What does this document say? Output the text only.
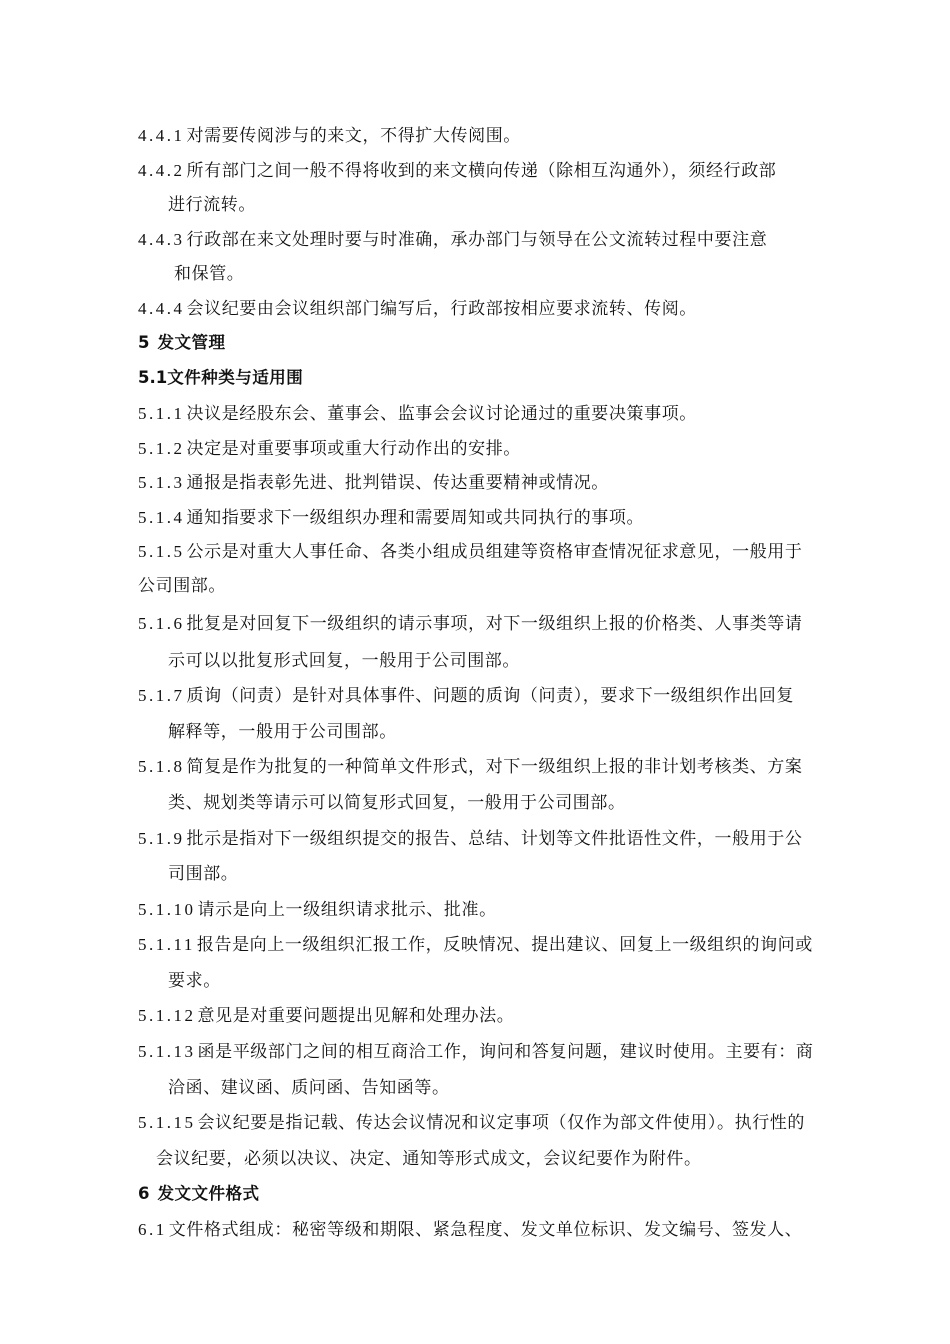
4.4.1 对需要传阅涉与的来文，不得扩大传阅围。
4.4.2 所有部门之间一般不得将收到的来文横向传递（除相互沟通外），须经行政部
进行流转。
4.4.3 行政部在来文处理时要与时准确，承办部门与领导在公文流转过程中要注意
和保管。
4.4.4 会议纪要由会议组织部门编写后，行政部按相应要求流转、传阅。
5 发文管理
5.1文件种类与适用围
5.1.1 决议是经股东会、董事会、监事会会议讨论通过的重要决策事项。
5.1.2 决定是对重要事项或重大行动作出的安排。
5.1.3 通报是指表彰先进、批判错误、传达重要精神或情况。
5.1.4 通知指要求下一级组织办理和需要周知或共同执行的事项。
5.1.5 公示是对重大人事任命、各类小组成员组建等资格审查情况征求意见，一般用于
公司围部。
5.1.6 批复是对回复下一级组织的请示事项，对下一级组织上报的价格类、人事类等请
示可以以批复形式回复，一般用于公司围部。
5.1.7 质询（问责）是针对具体事件、问题的质询（问责），要求下一级组织作出回复
解释等，一般用于公司围部。
5.1.8 简复是作为批复的一种简单文件形式，对下一级组织上报的非计划考核类、方案
类、规划类等请示可以简复形式回复，一般用于公司围部。
5.1.9 批示是指对下一级组织提交的报告、总结、计划等文件批语性文件，一般用于公
司围部。
5.1.10 请示是向上一级组织请求批示、批准。
5.1.11 报告是向上一级组织汇报工作，反映情况、提出建议、回复上一级组织的询问或
要求。
5.1.12 意见是对重要问题提出见解和处理办法。
5.1.13 函是平级部门之间的相互商洽工作，询问和答复问题，建议时使用。主要有：商
洽函、建议函、质问函、告知函等。
5.1.15 会议纪要是指记载、传达会议情况和议定事项（仅作为部文件使用）。执行性的
会议纪要，必须以决议、决定、通知等形式成文，会议纪要作为附件。
6 发文文件格式
6.1 文件格式组成：秘密等级和期限、紧急程度、发文单位标识、发文编号、签发人、
